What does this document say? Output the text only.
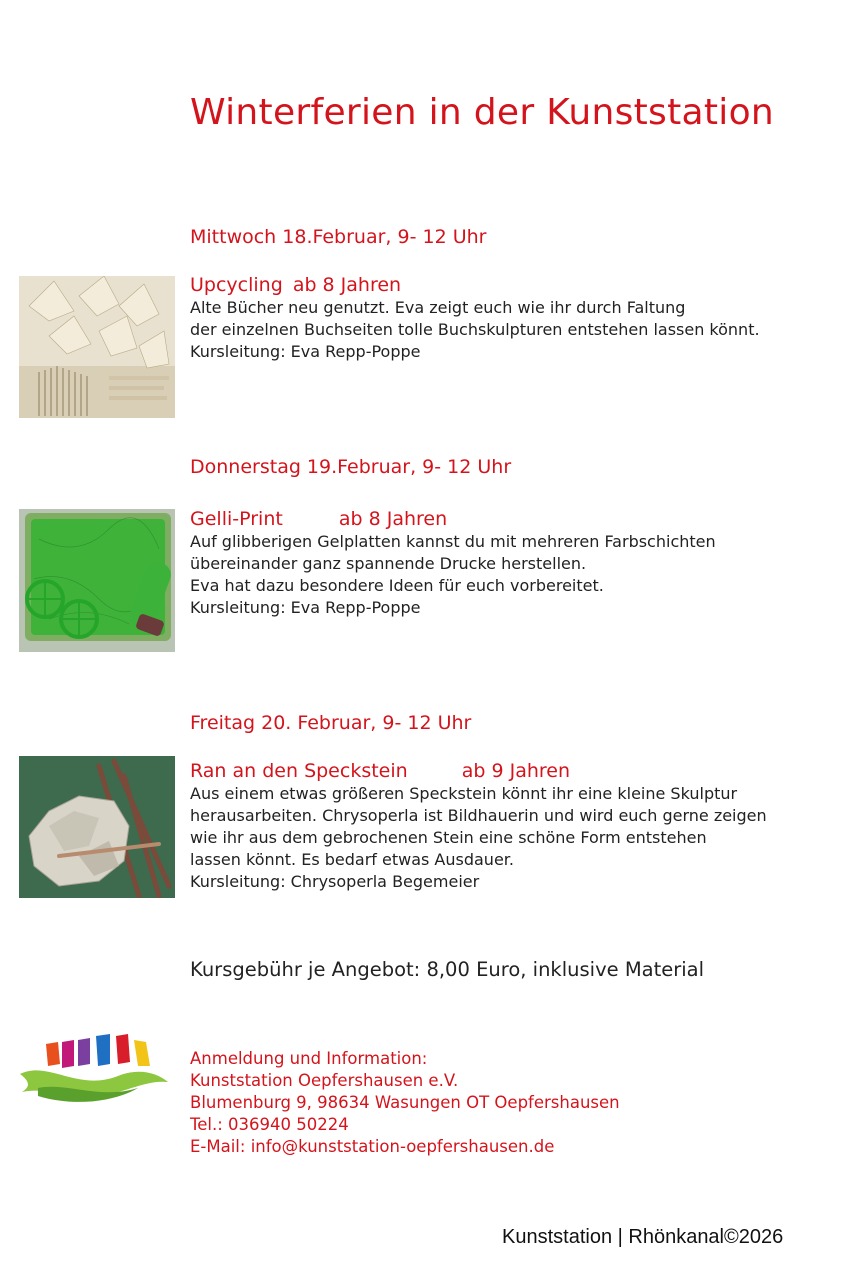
Winterferien in der Kunststation
Mittwoch 18.Februar, 9- 12 Uhr
Upcycling ab 8 Jahren

Alte Bücher neu genutzt. Eva zeigt euch wie ihr durch Faltung

der einzelnen Buchseiten tolle Buchskulpturen entstehen lassen könnt.

Kursleitung: Eva Repp-Poppe

Donnerstag 19.Februar, 9- 12 Uhr
Gelli-Print	ab 8 Jahren

Auf glibberigen Gelplatten kannst du mit mehreren Farbschichten

übereinander ganz spannende Drucke herstellen.

Eva hat dazu besondere Ideen für euch vorbereitet.

Kursleitung: Eva Repp-Poppe

Freitag 20. Februar, 9- 12 Uhr
Ran an den Speckstein	ab 9 Jahren

Aus einem etwas größeren Speckstein könnt ihr eine kleine Skulptur

herausarbeiten. Chrysoperla ist Bildhauerin und wird euch gerne zeigen

wie ihr aus dem gebrochenen Stein eine schöne Form entstehen

lassen könnt. Es bedarf etwas Ausdauer.

Kursleitung: Chrysoperla Begemeier

Kursgebühr je Angebot: 8,00 Euro, inklusive Material

Anmeldung und Information:

Kunststation Oepfershausen e.V.

Blumenburg 9, 98634 Wasungen OT Oepfershausen

Tel.: 036940 50224

E-Mail: info@kunststation-oepfershausen.de

Kunststation | Rhönkanal©2026
